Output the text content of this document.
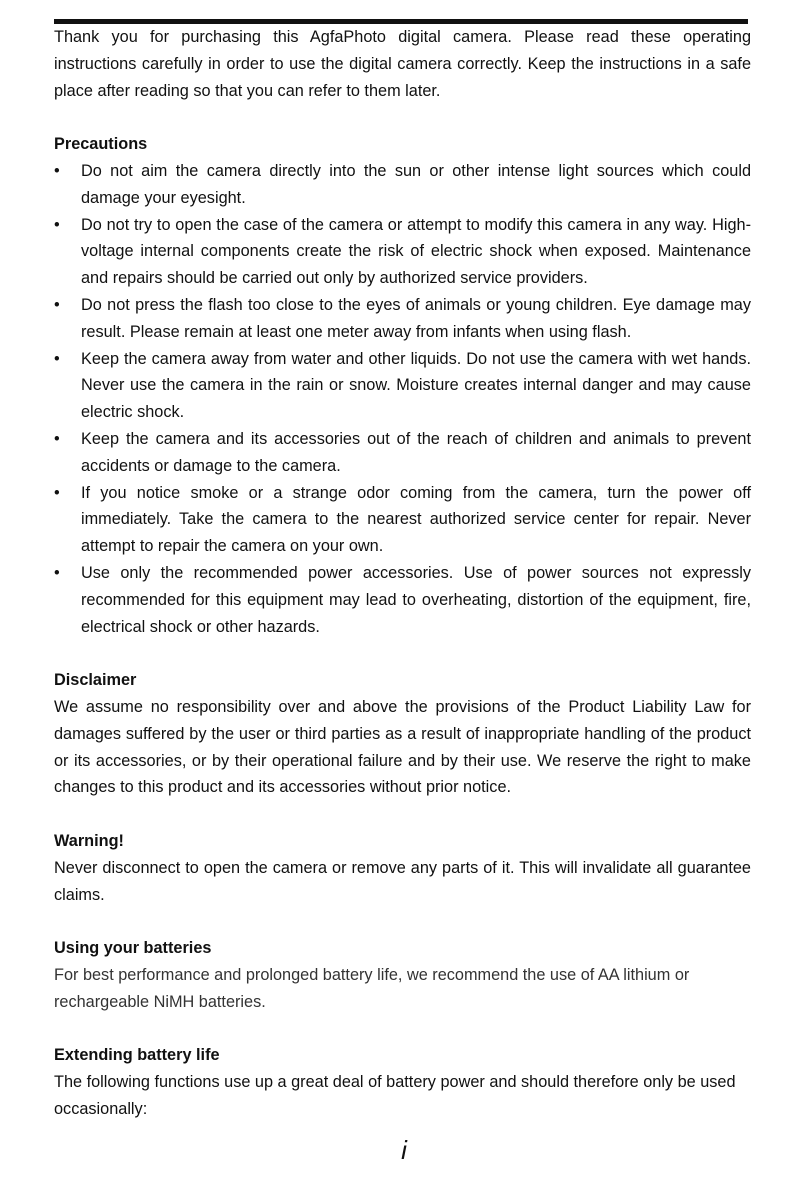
Thank you for purchasing this AgfaPhoto digital camera. Please read these operating instructions carefully in order to use the digital camera correctly. Keep the instructions in a safe place after reading so that you can refer to them later.

Precautions
• Do not aim the camera directly into the sun or other intense light sources which could damage your eyesight.
• Do not try to open the case of the camera or attempt to modify this camera in any way. High-voltage internal components create the risk of electric shock when exposed. Maintenance and repairs should be carried out only by authorized service providers.
• Do not press the flash too close to the eyes of animals or young children. Eye damage may result. Please remain at least one meter away from infants when using flash.
• Keep the camera away from water and other liquids. Do not use the camera with wet hands. Never use the camera in the rain or snow. Moisture creates internal danger and may cause electric shock.
• Keep the camera and its accessories out of the reach of children and animals to prevent accidents or damage to the camera.
• If you notice smoke or a strange odor coming from the camera, turn the power off immediately. Take the camera to the nearest authorized service center for repair. Never attempt to repair the camera on your own.
• Use only the recommended power accessories. Use of power sources not expressly recommended for this equipment may lead to overheating, distortion of the equipment, fire, electrical shock or other hazards.
Disclaimer

We assume no responsibility over and above the provisions of the Product Liability Law for damages suffered by the user or third parties as a result of inappropriate handling of the product or its accessories, or by their operational failure and by their use. We reserve the right to make changes to this product and its accessories without prior notice.

Warning!

Never disconnect to open the camera or remove any parts of it. This will invalidate all guarantee claims.

Using your batteries

For best performance and prolonged battery life, we recommend the use of AA lithium or rechargeable NiMH batteries.

Extending battery life

The following functions use up a great deal of battery power and should therefore only be used occasionally:

i
